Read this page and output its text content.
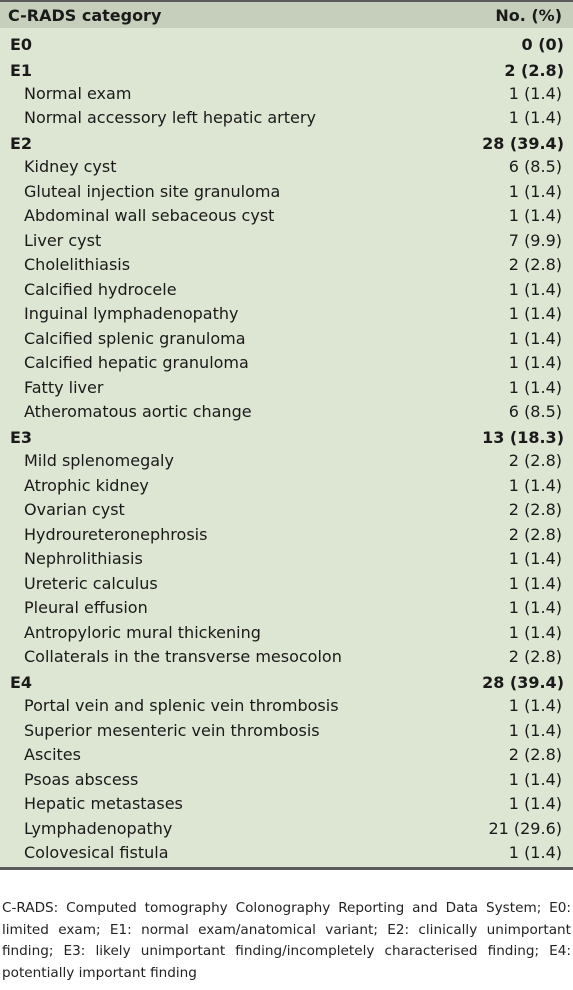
C-RADS category	No. (%)
E0	0 (0)
E1	2 (2.8)
Normal exam	1 (1.4)
Normal accessory left hepatic artery	1 (1.4)
E2	28 (39.4)
Kidney cyst	6 (8.5)
Gluteal injection site granuloma	1 (1.4)
Abdominal wall sebaceous cyst	1 (1.4)
Liver cyst	7 (9.9)
Cholelithiasis	2 (2.8)
Calcified hydrocele	1 (1.4)
Inguinal lymphadenopathy	1 (1.4)
Calcified splenic granuloma	1 (1.4)
Calcified hepatic granuloma	1 (1.4)
Fatty liver	1 (1.4)
Atheromatous aortic change	6 (8.5)
E3	13 (18.3)
Mild splenomegaly	2 (2.8)
Atrophic kidney	1 (1.4)
Ovarian cyst	2 (2.8)
Hydroureteronephrosis	2 (2.8)
Nephrolithiasis	1 (1.4)
Ureteric calculus	1 (1.4)
Pleural effusion	1 (1.4)
Antropyloric mural thickening	1 (1.4)
Collaterals in the transverse mesocolon	2 (2.8)
E4	28 (39.4)
Portal vein and splenic vein thrombosis	1 (1.4)
Superior mesenteric vein thrombosis	1 (1.4)
Ascites	2 (2.8)
Psoas abscess	1 (1.4)
Hepatic metastases	1 (1.4)
Lymphadenopathy	21 (29.6)
Colovesical fistula	1 (1.4)
C-RADS: Computed tomography Colonography Reporting and Data System; E0: limited exam; E1: normal exam/anatomical variant; E2: clinically unimportant finding; E3: likely unimportant finding/incompletely characterised finding; E4: potentially important finding
